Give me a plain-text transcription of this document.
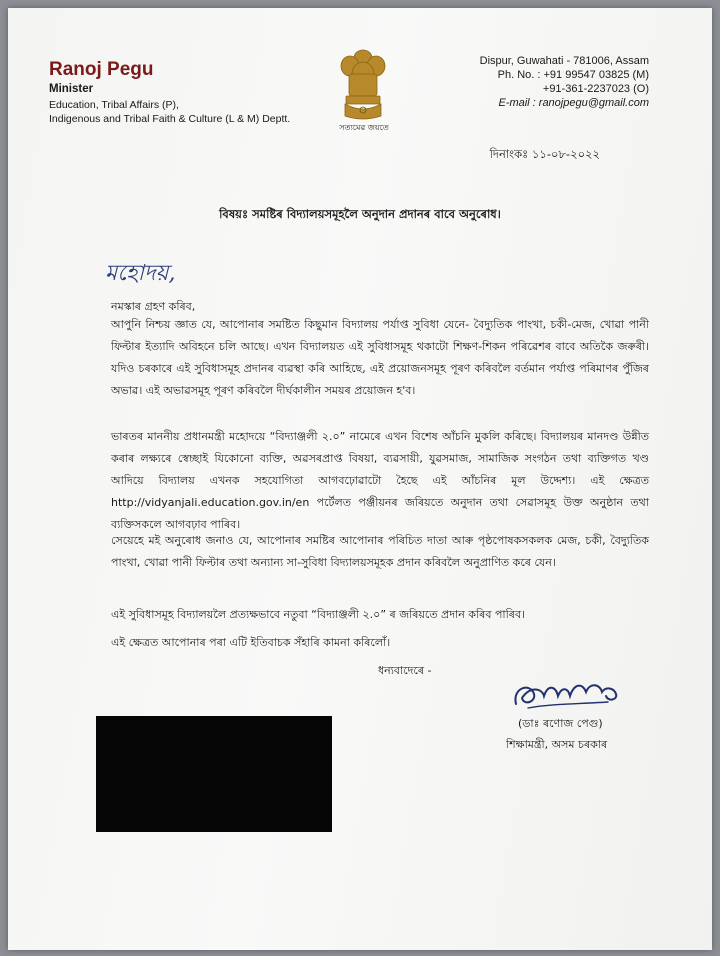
Ranoj Pegu
Minister
Education, Tribal Affairs (P),
Indigenous and Tribal Faith & Culture (L & M) Deptt.
সত্যমেৱ জয়তে
Dispur, Guwahati - 781006, Assam
Ph. No. : +91 99547 03825 (M)
+91-361-2237023 (O)
E-mail : ranojpegu@gmail.com
দিনাংকঃ ১১-০৮-২০২২
বিষয়ঃ সমষ্টিৰ বিদ্যালয়সমূহলৈ অনুদান প্ৰদানৰ বাবে অনুৰোধ।
মহোদয়,
নমস্কাৰ গ্ৰহণ কৰিব,

আপুনি নিশ্চয় জ্ঞাত যে, আপোনাৰ সমষ্টিত কিছুমান বিদ্যালয় পৰ্যাপ্ত সুবিধা যেনে- বৈদ্যুতিক পাংখা, চকী-মেজ, খোৱা পানী ফিল্টাৰ ইত্যাদি অবিহনে চলি আছে। এখন বিদ্যালয়ত এই সুবিধাসমূহ থকাটো শিক্ষণ-শিকন পৰিৱেশৰ বাবে অতিকৈ জৰুৰী। যদিও চৰকাৰে এই সুবিধাসমূহ প্ৰদানৰ ব্যৱস্থা কৰি আহিছে, এই প্ৰয়োজনসমূহ পূৰণ কৰিবলৈ বৰ্তমান পৰ্যাপ্ত পৰিমাণৰ পুঁজিৰ অভাৱ। এই অভাৱসমূহ পূৰণ কৰিবলৈ দীৰ্ঘকালীন সময়ৰ প্ৰয়োজন হ'ব।

ভাৰতৰ মাননীয় প্ৰধানমন্ত্ৰী মহোদয়ে “বিদ্যাঞ্জলী ২.০” নামেৰে এখন বিশেষ আঁচনি মুকলি কৰিছে। বিদ্যালয়ৰ মানদণ্ড উন্নীত কৰাৰ লক্ষ্যৰে স্বেচ্ছাই যিকোনো ব্যক্তি, অৱসৰপ্ৰাপ্ত বিষয়া, ব্যৱসায়ী, যুৱসমাজ, সামাজিক সংগঠন তথা ব্যক্তিগত খণ্ড আদিয়ে বিদ্যালয় এখনক সহযোগিতা আগবঢ়োৱাটো হৈছে এই আঁচনিৰ মূল উদ্দেশ্য। এই ক্ষেত্ৰত http://vidyanjali.education.gov.in/en পৰ্টেলত পঞ্জীয়নৰ জৰিয়তে অনুদান তথা সেৱাসমূহ উক্ত অনুষ্ঠান তথা ব্যক্তিসকলে আগবঢ়াব পাৰিব।

সেয়েহে মই অনুৰোধ জনাও যে, আপোনাৰ সমষ্টিৰ আপোনাৰ পৰিচিত দাতা আৰু পৃষ্ঠপোষকসকলক মেজ, চকী, বৈদ্যুতিক পাংখা, খোৱা পানী ফিল্টাৰ তথা অন্যান্য সা-সুবিধা বিদ্যালয়সমূহক প্ৰদান কৰিবলৈ অনুপ্ৰাণিত কৰে যেন।

এই সুবিধাসমূহ বিদ্যালয়লৈ প্ৰত্যক্ষভাবে নতুবা “বিদ্যাঞ্জলী ২.০” ৰ জৰিয়তে প্ৰদান কৰিব পাৰিব।

এই ক্ষেত্ৰত আপোনাৰ পৰা এটি ইতিবাচক সঁহাৰি কামনা কৰিলোঁ।

ধন্যবাদেৰে -
(ডাঃ ৰণোজ পেগু)
শিক্ষামন্ত্ৰী, অসম চৰকাৰ
